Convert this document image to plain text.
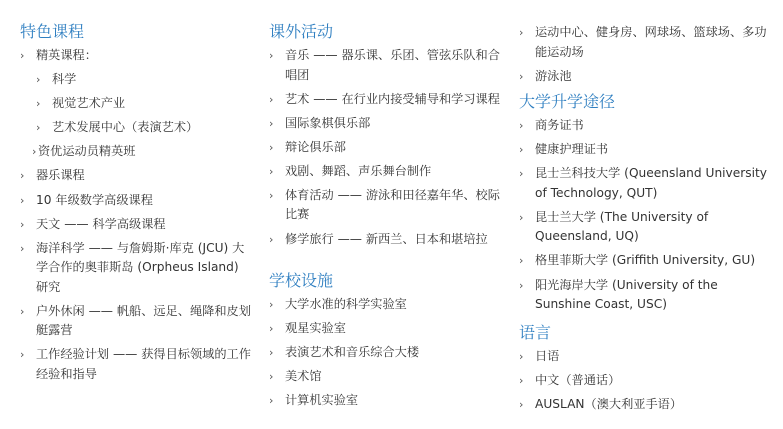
特色课程
› 精英课程：
› 科学
› 视觉艺术产业
› 艺术发展中心（表演艺术）
› 资优运动员精英班
› 器乐课程
› 10 年级数学高级课程
› 天文 —— 科学高级课程
› 海洋科学 —— 与詹姆斯·库克 (JCU) 大学合作的奥菲斯岛 (Orpheus Island) 研究
› 户外休闲 —— 帆船、远足、绳降和皮划艇露营
› 工作经验计划 —— 获得目标领域的工作经验和指导
课外活动
› 音乐 —— 器乐课、乐团、管弦乐队和合唱团
› 艺术 —— 在行业内接受辅导和学习课程
› 国际象棋俱乐部
› 辩论俱乐部
› 戏剧、舞蹈、声乐舞台制作
› 体育活动 —— 游泳和田径嘉年华、校际比赛
› 修学旅行 —— 新西兰、日本和堪培拉
学校设施
› 大学水准的科学实验室
› 观星实验室
› 表演艺术和音乐综合大楼
› 美术馆
› 计算机实验室
› 运动中心、健身房、网球场、篮球场、多功能运动场
› 游泳池
大学升学途径
› 商务证书
› 健康护理证书
› 昆士兰科技大学 (Queensland University of Technology, QUT)
› 昆士兰大学 (The University of Queensland, UQ)
› 格里菲斯大学 (Griffith University, GU)
› 阳光海岸大学 (University of the Sunshine Coast, USC)
语言
› 日语
› 中文（普通话）
› AUSLAN（澳大利亚手语）
